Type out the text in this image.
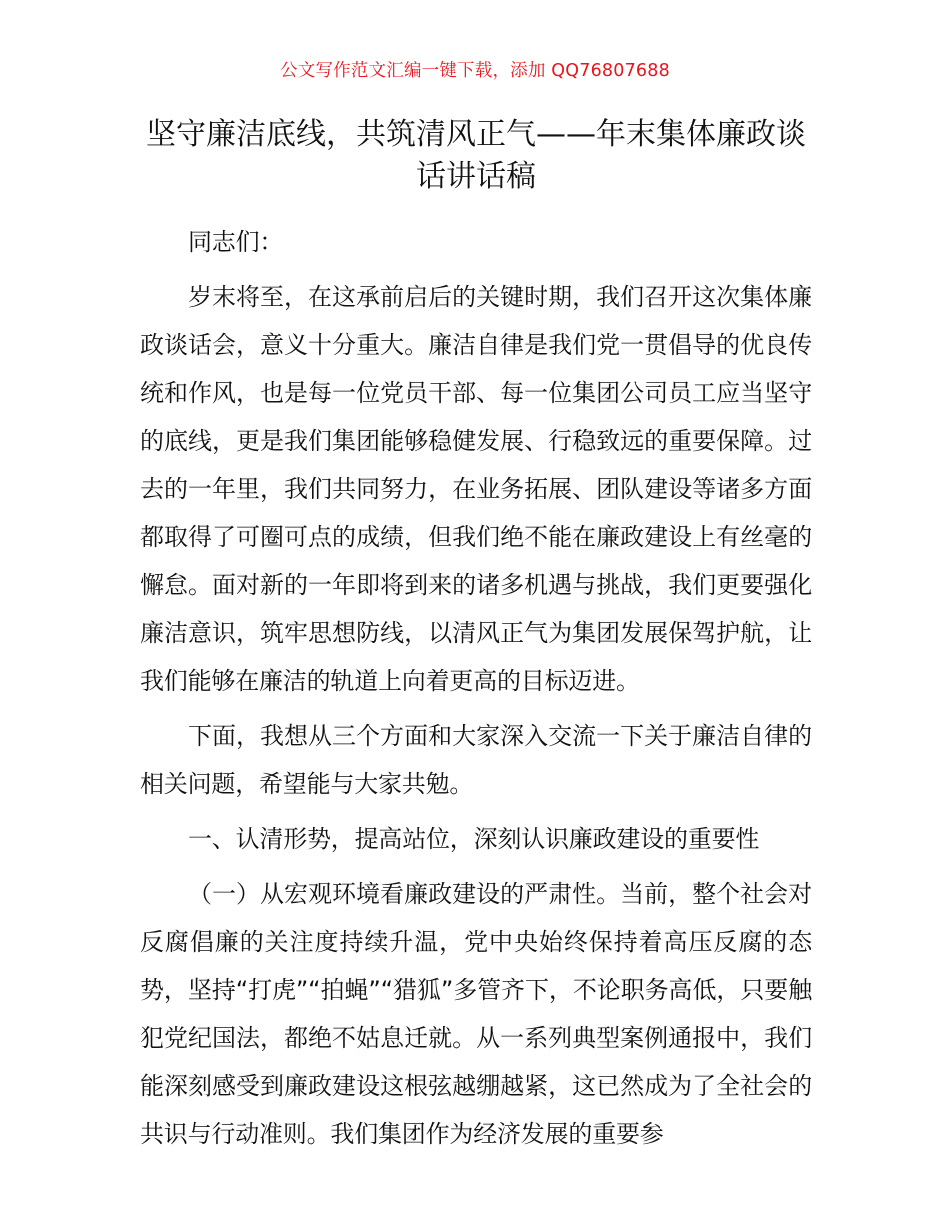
公文写作范文汇编一键下载，添加 QQ76807688
坚守廉洁底线，共筑清风正气——年末集体廉政谈话讲话稿

同志们：

岁末将至，在这承前启后的关键时期，我们召开这次集体廉政谈话会，意义十分重大。廉洁自律是我们党一贯倡导的优良传统和作风，也是每一位党员干部、每一位集团公司员工应当坚守的底线，更是我们集团能够稳健发展、行稳致远的重要保障。过去的一年里，我们共同努力，在业务拓展、团队建设等诸多方面都取得了可圈可点的成绩，但我们绝不能在廉政建设上有丝毫的懈怠。面对新的一年即将到来的诸多机遇与挑战，我们更要强化廉洁意识，筑牢思想防线，以清风正气为集团发展保驾护航，让我们能够在廉洁的轨道上向着更高的目标迈进。

下面，我想从三个方面和大家深入交流一下关于廉洁自律的相关问题，希望能与大家共勉。

一、认清形势，提高站位，深刻认识廉政建设的重要性

（一）从宏观环境看廉政建设的严肃性。当前，整个社会对反腐倡廉的关注度持续升温，党中央始终保持着高压反腐的态势，坚持“打虎”“拍蝇”“猎狐”多管齐下，不论职务高低，只要触犯党纪国法，都绝不姑息迁就。从一系列典型案例通报中，我们能深刻感受到廉政建设这根弦越绷越紧，这已然成为了全社会的共识与行动准则。我们集团作为经济发展的重要参
